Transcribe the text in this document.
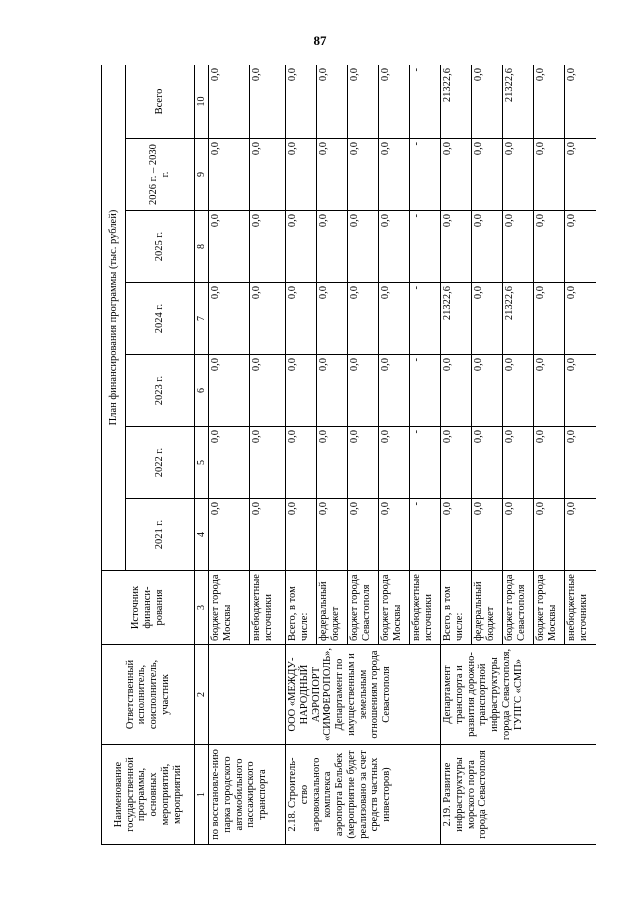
87
Наименование государственной программы, основных мероприятий, мероприятий	Ответственный исполнитель, соисполнитель, участник	Источник финанси-рования	План финансирования программы (тыс. рублей)						
			2021 г.	2022 г.	2023 г.	2024 г.	2025 г.	2026 г. – 2030 г.	Всего
1	2	3	4	5	6	7	8	9	10
по восстановле-нию парка городского автомобильного пассажирского транспорта		бюджет города Москвы	0,0	0,0	0,0	0,0	0,0	0,0	0,0
		внебюджетные источники	0,0	0,0	0,0	0,0	0,0	0,0	0,0
2.18. Строитель-ство аэровокзального комплекса аэропорта Бельбек (мероприятие будет реализовано за счет средств частных инвесторов)	ООО «МЕЖДУ-НАРОДНЫЙ АЭРОПОРТ «СИМФЕРОПОЛЬ», Департамент по имущественным и земельным отношениям города Севастополя	Всего, в том числе:	0,0	0,0	0,0	0,0	0,0	0,0	0,0
		федеральный бюджет	0,0	0,0	0,0	0,0	0,0	0,0	0,0
		бюджет города Севастополя	0,0	0,0	0,0	0,0	0,0	0,0	0,0
		бюджет города Москвы	0,0	0,0	0,0	0,0	0,0	0,0	0,0
		внебюджетные источники	-	-	-	-	-	-	-
2.19. Развитие инфраструктуры морского порта города Севастополя	Департамент транспорта и развития дорожно-транспортной инфраструктуры города Севастополя, ГУПГС «СМП»	Всего, в том числе:	0,0	0,0	0,0	21322,6	0,0	0,0	21322,6
		федеральный бюджет	0,0	0,0	0,0	0,0	0,0	0,0	0,0
		бюджет города Севастополя	0,0	0,0	0,0	21322,6	0,0	0,0	21322,6
		бюджет города Москвы	0,0	0,0	0,0	0,0	0,0	0,0	0,0
		внебюджетные источники	0,0	0,0	0,0	0,0	0,0	0,0	0,0
